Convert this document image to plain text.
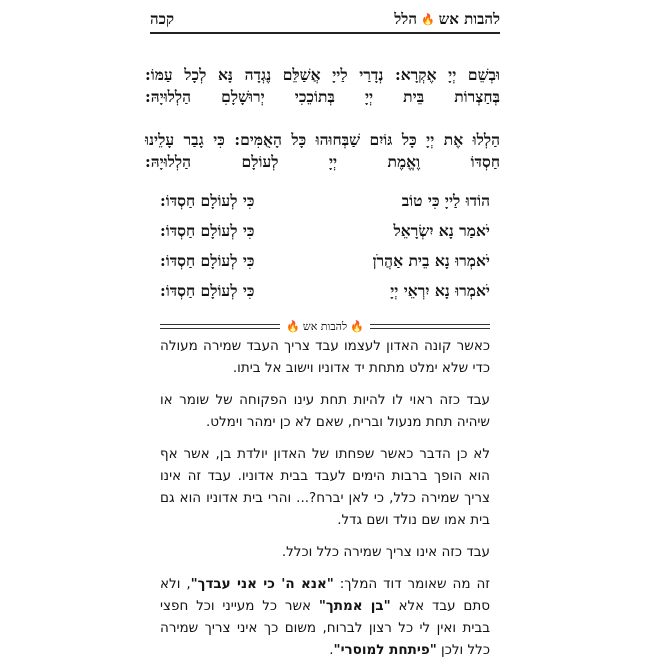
להבות אש
🔥
הלל
קכה
וּבְשֵׁם יְיָ אֶקְרָא: נְדָרַי לַייָ אֲשַׁלֵּם נֶגְדָה נָּא לְכָל עַמּוֹ:
בְּחַצְרוֹת בֵּית יְיָ בְּתוֹכֵכִי יְרוּשָׁלָםִ הַלְלוּיָהּ:
הַלְלוּ אֶת יְיָ כָּל גּוֹיִם שַׁבְּחוּהוּ כָּל הָאֻמִּים: כִּי גָבַר עָלֵינוּ
חַסְדּוֹ וֶאֱמֶת יְיָ לְעוֹלָם הַלְלוּיָהּ:
הוֹדוּ לַייָ כִּי טוֹב
כִּי לְעוֹלָם חַסְדּוֹ:
יֹאמַר נָא יִשְׂרָאֵל
כִּי לְעוֹלָם חַסְדּוֹ:
יֹאמְרוּ נָא בֵית אַהֲרֹן
כִּי לְעוֹלָם חַסְדּוֹ:
יֹאמְרוּ נָא יִרְאֵי יְיָ
כִּי לְעוֹלָם חַסְדּוֹ:
🔥
להבות אש
🔥

כאשר קונה האדון לעצמו עבד צריך העבד שמירה מעולה כדי שלא ימלט מתחת יד אדוניו וישוב אל ביתו.

עבד כזה ראוי לו להיות תחת עינו הפקוחה של שומר או שיהיה תחת מנעול ובריח, שאם לא כן ימהר וימלט.

לא כן הדבר כאשר שפחתו של האדון יולדת בן, אשר אף הוא הופך ברבות הימים לעבד בבית אדוניו. עבד זה אינו צריך שמירה כלל, כי לאן יברח?... והרי בית אדוניו הוא גם בית אמו שם נולד ושם גדל.

עבד כזה אינו צריך שמירה כלל וכלל.

זה מה שאומר דוד המלך: "אנא ה' כי אני עבדך", ולא סתם עבד אלא "בן אמתך" אשר כל מעייני וכל חפצי בבית ואין לי כל רצון לברוח, משום כך איני צריך שמירה כלל ולכן "פיתחת למוסרי".
